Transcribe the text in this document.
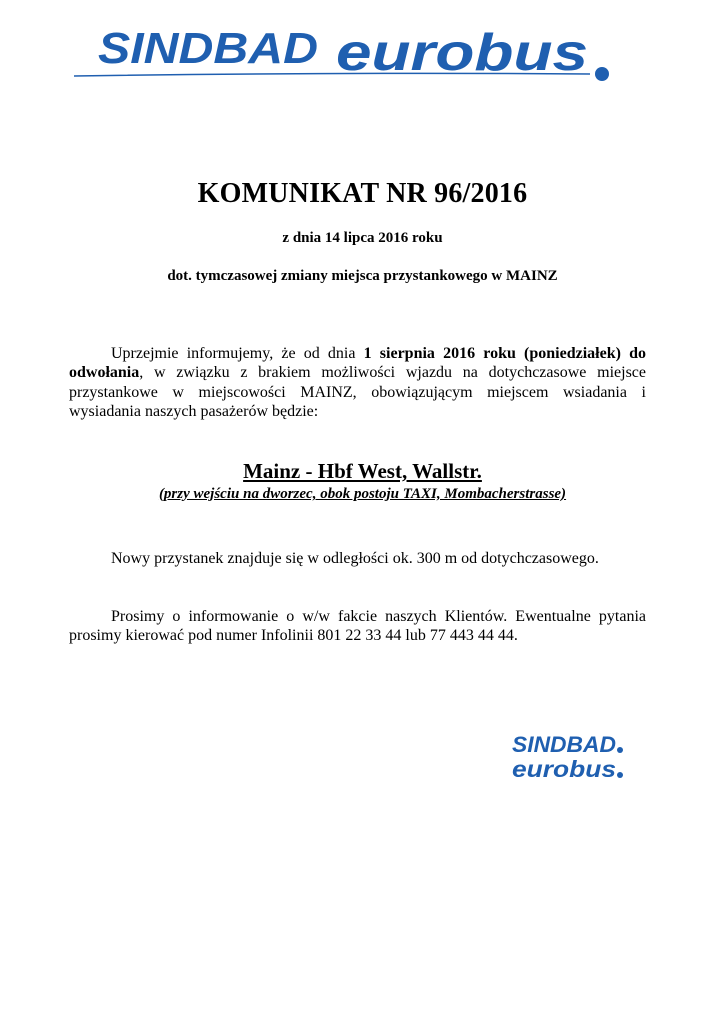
SINDBAD eurobus
KOMUNIKAT NR 96/2016
z dnia 14 lipca 2016 roku
dot. tymczasowej zmiany miejsca przystankowego w MAINZ
Uprzejmie informujemy, że od dnia 1 sierpnia 2016 roku (poniedziałek) do odwołania, w związku z brakiem możliwości wjazdu na dotychczasowe miejsce przystankowe w miejscowości MAINZ, obowiązującym miejscem wsiadania i wysiadania naszych pasażerów będzie:
Mainz - Hbf West, Wallstr.
(przy wejściu na dworzec, obok postoju TAXI, Mombacherstrasse)
Nowy przystanek znajduje się w odległości ok. 300 m od dotychczasowego.
Prosimy o informowanie o w/w fakcie naszych Klientów. Ewentualne pytania prosimy kierować pod numer Infolinii 801 22 33 44 lub 77 443 44 44.
SINDBAD
eurobus
